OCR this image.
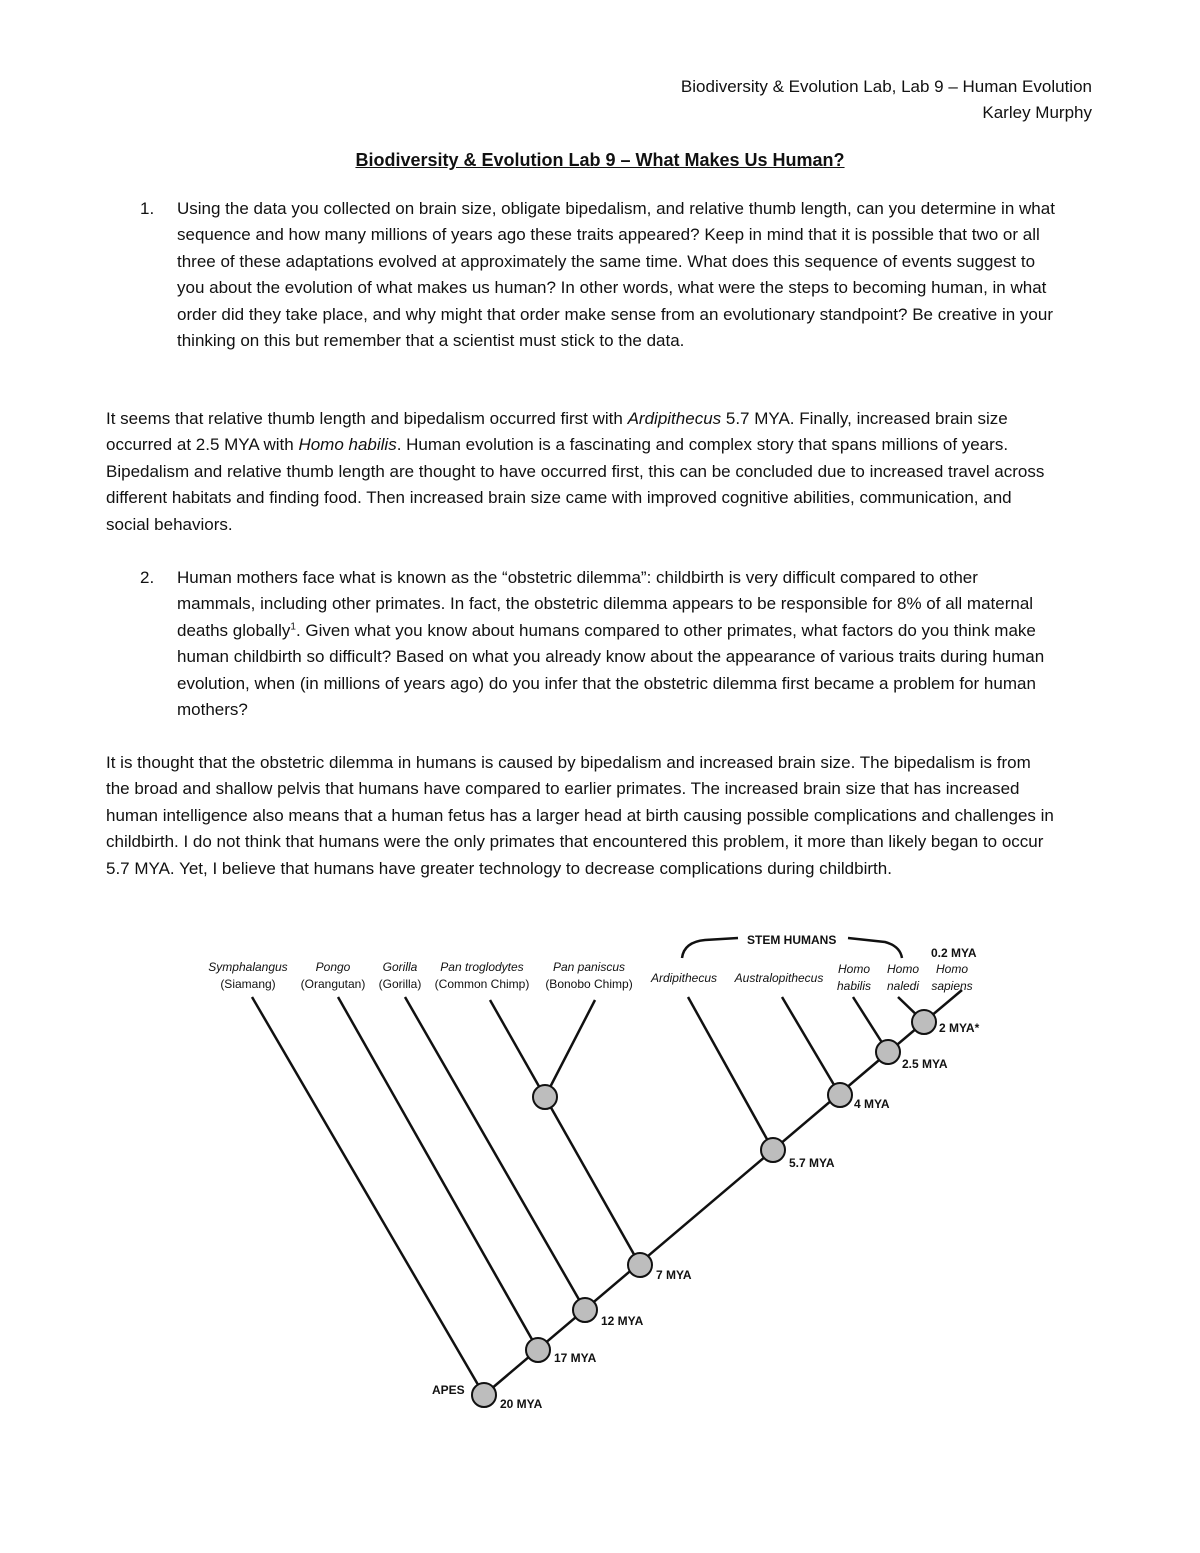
Biodiversity & Evolution Lab, Lab 9 – Human Evolution
Karley Murphy
Biodiversity & Evolution Lab 9 – What Makes Us Human?
1. Using the data you collected on brain size, obligate bipedalism, and relative thumb length, can you determine in what sequence and how many millions of years ago these traits appeared? Keep in mind that it is possible that two or all three of these adaptations evolved at approximately the same time. What does this sequence of events suggest to you about the evolution of what makes us human? In other words, what were the steps to becoming human, in what order did they take place, and why might that order make sense from an evolutionary standpoint? Be creative in your thinking on this but remember that a scientist must stick to the data.
It seems that relative thumb length and bipedalism occurred first with Ardipithecus 5.7 MYA. Finally, increased brain size occurred at 2.5 MYA with Homo habilis. Human evolution is a fascinating and complex story that spans millions of years. Bipedalism and relative thumb length are thought to have occurred first, this can be concluded due to increased travel across different habitats and finding food. Then increased brain size came with improved cognitive abilities, communication, and social behaviors.
2. Human mothers face what is known as the “obstetric dilemma”: childbirth is very difficult compared to other mammals, including other primates. In fact, the obstetric dilemma appears to be responsible for 8% of all maternal deaths globally$^1$. Given what you know about humans compared to other primates, what factors do you think make human childbirth so difficult? Based on what you already know about the appearance of various traits during human evolution, when (in millions of years ago) do you infer that the obstetric dilemma first became a problem for human mothers?
It is thought that the obstetric dilemma in humans is caused by bipedalism and increased brain size. The bipedalism is from the broad and shallow pelvis that humans have compared to earlier primates. The increased brain size that has increased human intelligence also means that a human fetus has a larger head at birth causing possible complications and challenges in childbirth. I do not think that humans were the only primates that encountered this problem, it more than likely began to occur 5.7 MYA. Yet, I believe that humans have greater technology to decrease complications during childbirth.
20 MYA
17 MYA
12 MYA
7 MYA
5.7 MYA
4 MYA
2.5 MYA
2 MYA*
APES
0.2 MYA
STEM HUMANS
Symphalangus
(Siamang)
Pongo
(Orangutan)
Gorilla
(Gorilla)
Pan troglodytes
(Common Chimp)
Pan paniscus
(Bonobo Chimp) Ardipithecus Australopithecus
Homo
habilis
Homo
naledi
Homo
sapiens
